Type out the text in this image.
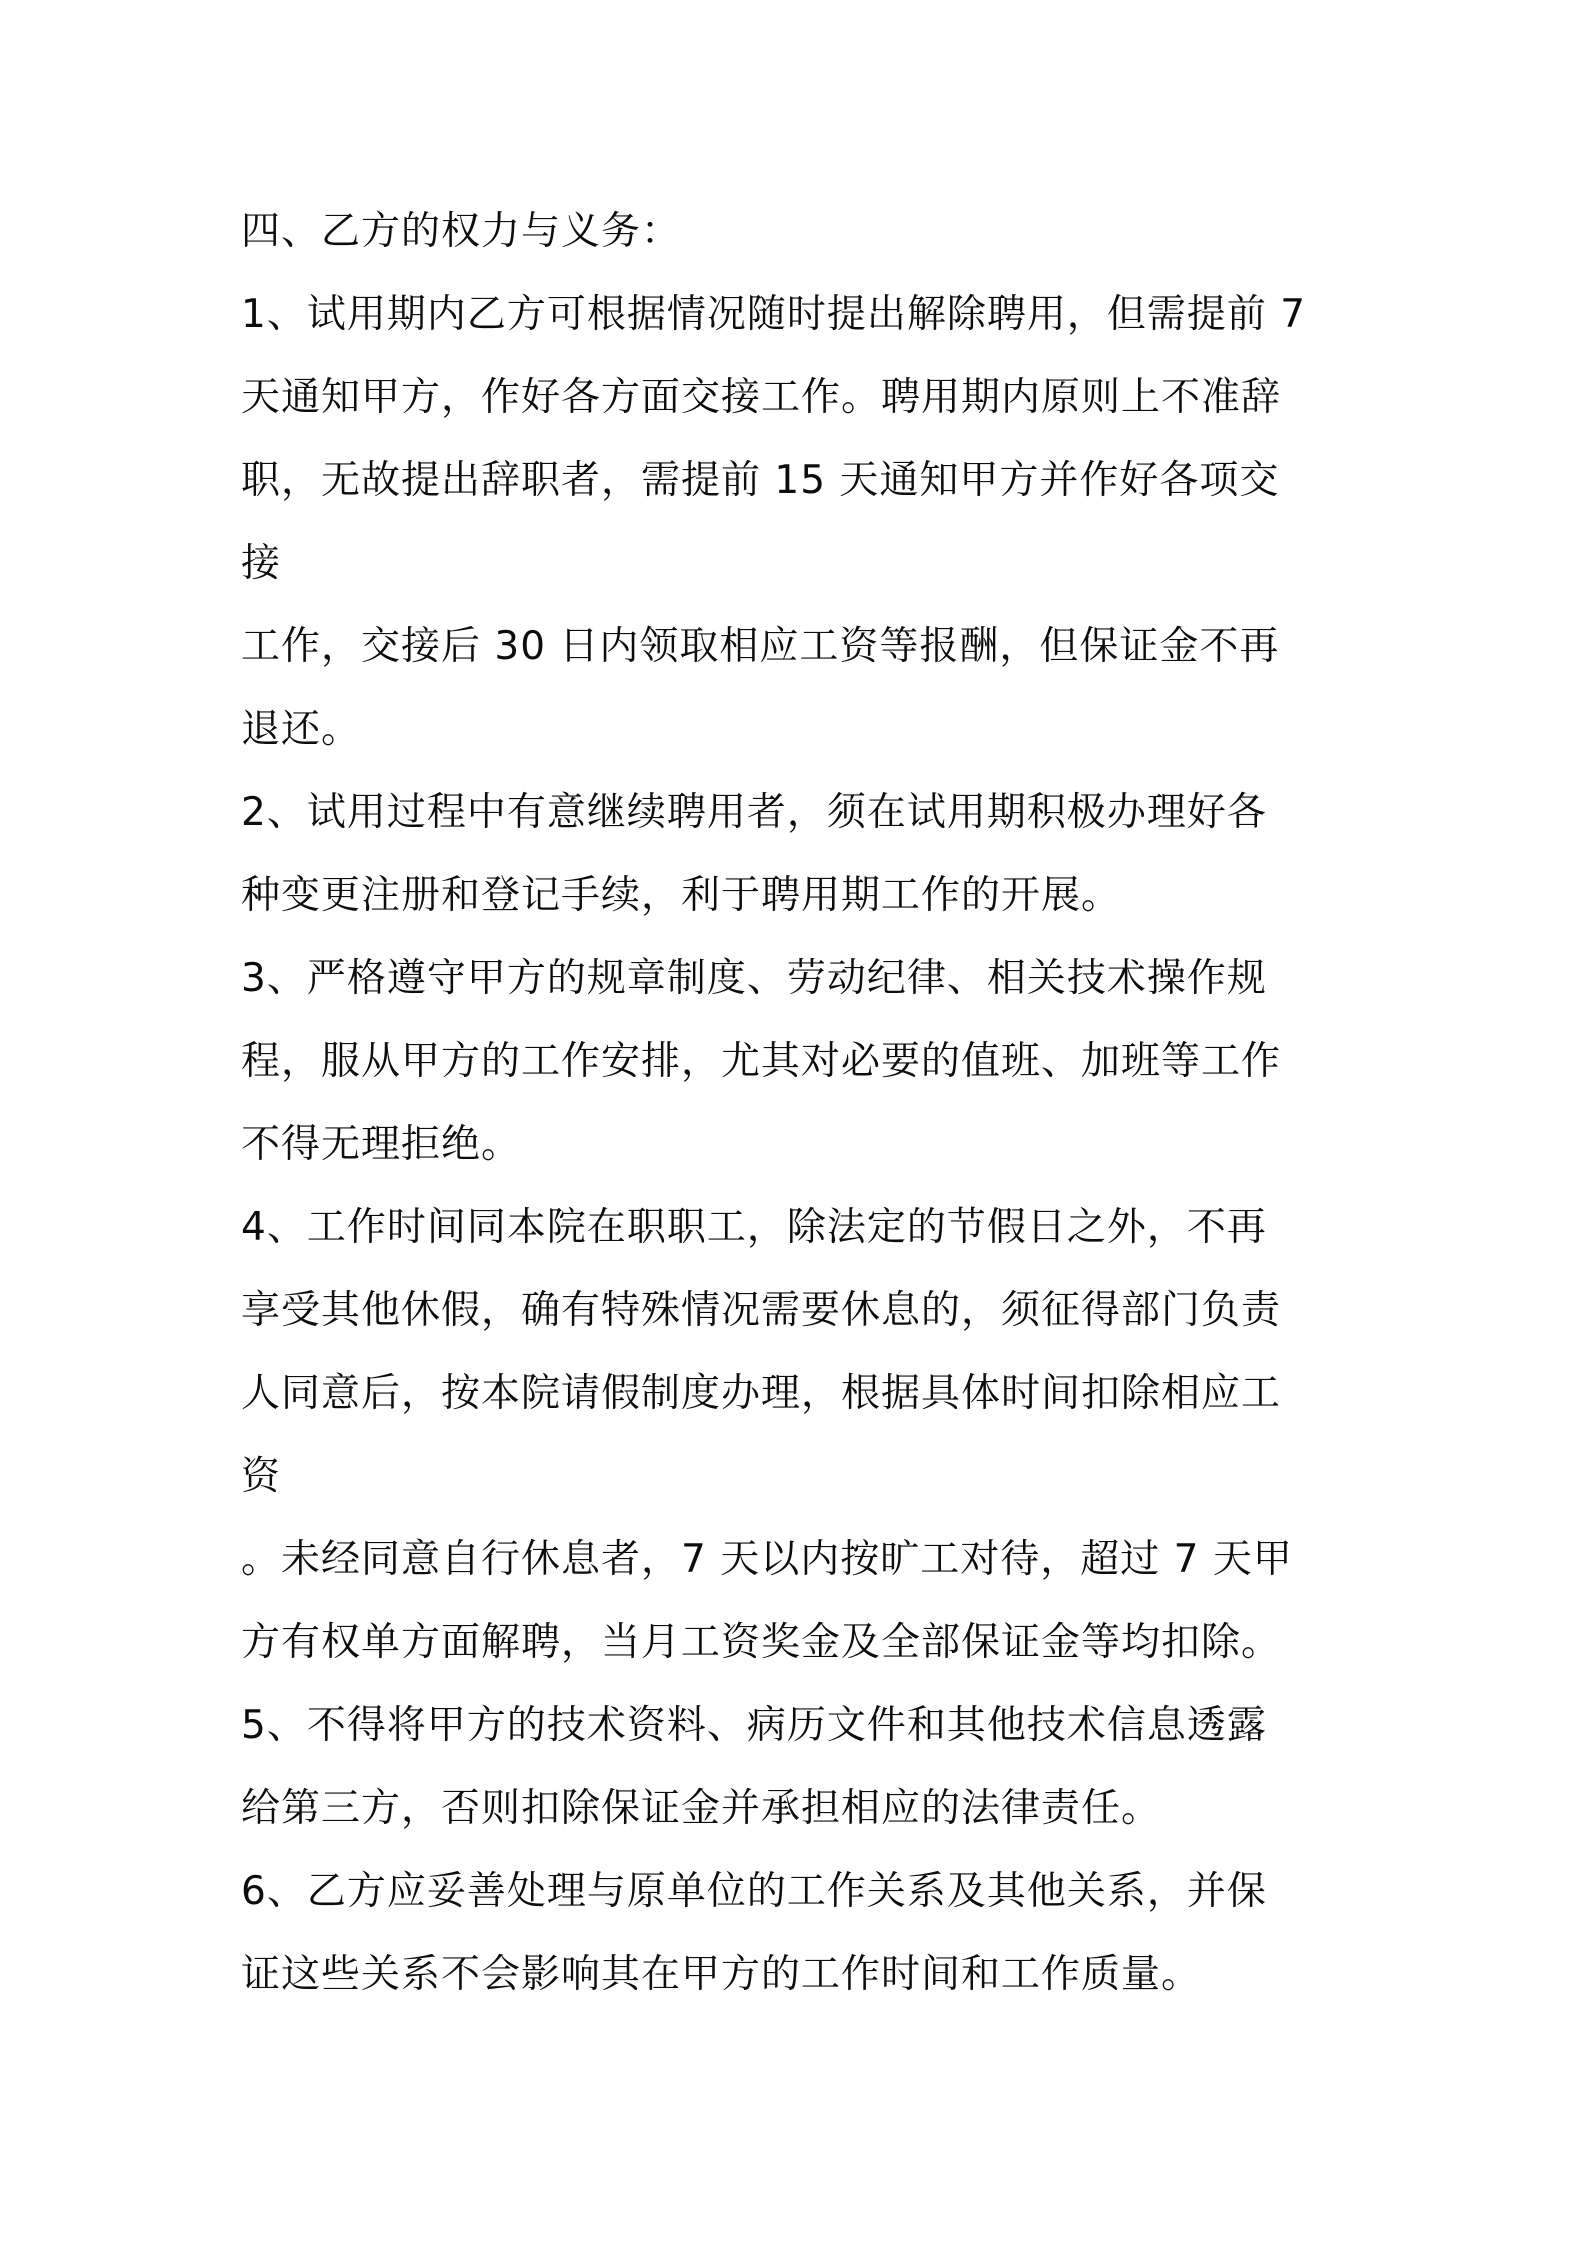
四、乙方的权力与义务：
1、试用期内乙方可根据情况随时提出解除聘用，但需提前 7
天通知甲方，作好各方面交接工作。聘用期内原则上不准辞
职，无故提出辞职者，需提前 15 天通知甲方并作好各项交
接
工作，交接后 30 日内领取相应工资等报酬，但保证金不再
退还。
2、试用过程中有意继续聘用者，须在试用期积极办理好各
种变更注册和登记手续，利于聘用期工作的开展。
3、严格遵守甲方的规章制度、劳动纪律、相关技术操作规
程，服从甲方的工作安排，尤其对必要的值班、加班等工作
不得无理拒绝。
4、工作时间同本院在职职工，除法定的节假日之外，不再
享受其他休假，确有特殊情况需要休息的，须征得部门负责
人同意后，按本院请假制度办理，根据具体时间扣除相应工
资
。未经同意自行休息者，7 天以内按旷工对待，超过 7 天甲
方有权单方面解聘，当月工资奖金及全部保证金等均扣除。
5、不得将甲方的技术资料、病历文件和其他技术信息透露
给第三方，否则扣除保证金并承担相应的法律责任。
6、乙方应妥善处理与原单位的工作关系及其他关系，并保
证这些关系不会影响其在甲方的工作时间和工作质量。
